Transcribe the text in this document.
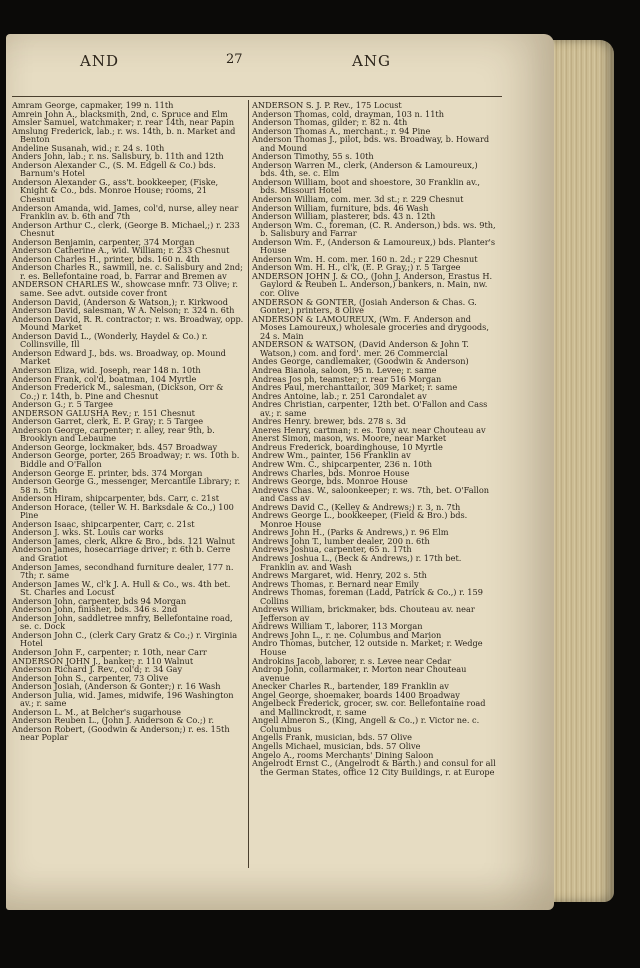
AND	27	ANG
Amram George, capmaker, 199 n. 11th
Amrein John A., blacksmith, 2nd, c. Spruce and Elm
Amsler Samuel, watchmaker; r. rear 14th, near Papin
Amslung Frederick, lab.; r. ws. 14th, b. n. Market and Benton
Andeline Susanah, wid.; r. 24 s. 10th
Anders John, lab.; r. ns. Salisbury, b. 11th and 12th
Anderson Alexander C., (S. M. Edgell & Co.) bds. Barnum's Hotel
Anderson Alexander G., ass't. bookkeeper, (Fiske, Knight & Co., bds. Monroe House; rooms, 21 Chesnut
Anderson Amanda, wid. James, col'd, nurse, alley near Franklin av. b. 6th and 7th
Anderson Arthur C., clerk, (George B. Michael,;) r. 233 Chesnut
Anderson Benjamin, carpenter, 374 Morgan
Anderson Catherine A., wid. William; r. 233 Chesnut
Anderson Charles H., printer, bds. 160 n. 4th
Anderson Charles R., sawmill, ne. c. Salisbury and 2nd; r. es. Bellefontaine road, b. Farrar and Bremen av
ANDERSON CHARLES W., showcase mnfr. 73 Olive; r. same. See advt. outside cover front
Anderson David, (Anderson & Watson,); r. Kirkwood
Anderson David, salesman, W A. Nelson; r. 324 n. 6th
Anderson David, R. R. contractor; r. ws. Broadway, opp. Mound Market
Anderson David L., (Wonderly, Haydel & Co.) r. Collinsville, Ill
Anderson Edward J., bds. ws. Broadway, op. Mound Market
Anderson Eliza, wid. Joseph, rear 148 n. 10th
Anderson Frank, col'd, boatman, 104 Myrtle
Anderson Frederick M., salesman, (Dickson, Orr & Co.;) r. 14th, b. Pine and Chesnut
Anderson G.; r. 5 Targee
ANDERSON GALUSHA Rev.; r. 151 Chesnut
Anderson Garret, clerk, E. P. Gray; r. 5 Targee
Anderson George, carpenter; r. alley, rear 9th, b. Brooklyn and Lebaume
Anderson George, lockmaker, bds. 457 Broadway
Anderson George, porter, 265 Broadway; r. ws. 10th b. Biddle and O'Fallon
Anderson George E. printer, bds. 374 Morgan
Anderson George G., messenger, Mercantile Library; r. 58 n. 5th
Anderson Hiram, shipcarpenter, bds. Carr, c. 21st
Anderson Horace, (teller W. H. Barksdale & Co.,) 100 Pine
Anderson Isaac, shipcarpenter, Carr, c. 21st
Anderson J. wks. St. Louis car works
Anderson James, clerk, Alkre & Bro., bds. 121 Walnut
Anderson James, hosecarriage driver; r. 6th b. Cerre and Gratiot
Anderson James, secondhand furniture dealer, 177 n. 7th; r. same
Anderson James W., cl'k J. A. Hull & Co., ws. 4th bet. St. Charles and Locust
Anderson John, carpenter, bds 94 Morgan
Anderson John, finisher, bds. 346 s. 2nd
Anderson John, saddletree mnfry, Bellefontaine road, se. c. Dock
Anderson John C., (clerk Cary Gratz & Co.;) r. Virginia Hotel
Anderson John F., carpenter; r. 10th, near Carr
ANDERSON JOHN J., banker; r. 110 Walnut
Anderson Richard J. Rev., col'd; r. 34 Gay
Anderson John S., carpenter, 73 Olive
Anderson Josiah, (Anderson & Gonter;) r. 16 Wash
Anderson Julia, wid. James, midwife, 196 Washington av.; r. same
Anderson L. M., at Belcher's sugarhouse
Anderson Reuben L., (John J. Anderson & Co.;) r.
Anderson Robert, (Goodwin & Anderson;) r. es. 15th near Poplar
ANDERSON S. J. P. Rev., 175 Locust
Anderson Thomas, cold, drayman, 103 n. 11th
Anderson Thomas, gilder; r. 82 n. 4th
Anderson Thomas A., merchant.; r. 94 Pine
Anderson Thomas J., pilot, bds. ws. Broadway, b. Howard and Mound
Anderson Timothy, 55 s. 10th
Anderson Warren M., clerk, (Anderson & Lamoureux,) bds. 4th, se. c. Elm
Anderson William, boot and shoestore, 30 Franklin av., bds. Missouri Hotel
Anderson William, com. mer. 3d st.; r. 229 Chesnut
Anderson William, furniture, bds. 46 Wash
Anderson William, plasterer, bds. 43 n. 12th
Anderson Wm. C., foreman, (C. R. Anderson,) bds. ws. 9th, b. Salisbury and Farrar
Anderson Wm. F., (Anderson & Lamoureux,) bds. Planter's House
Anderson Wm. H. com. mer. 160 n. 2d.; r 229 Chesnut
Anderson Wm. H. H., cl'k, (E. P. Gray,;) r. 5 Targee
ANDERSON JOHN J. & CO., (John J. Anderson, Erastus H. Gaylord & Reuben L. Anderson,) bankers, n. Main, nw. cor. Olive
ANDERSON & GONTER, (Josiah Anderson & Chas. G. Gonter,) printers, 8 Olive
ANDERSON & LAMOUREUX, (Wm. F. Anderson and Moses Lamoureux,) wholesale groceries and drygoods, 24 s. Main
ANDERSON & WATSON, (David Anderson & John T. Watson,) com. and ford'. mer. 26 Commercial
Andes George, candlemaker, (Goodwin & Anderson)
Andrea Bianola, saloon, 95 n. Levee; r. same
Andreas Jos ph, teamster; r. rear 516 Morgan
Andres Paul, merchanttailor, 309 Market; r. same
Andres Antoine, lab.; r. 251 Carondalet av
Andres Christian, carpenter, 12th bet. O'Fallon and Cass av.; r. same
Andres Henry. brewer, bds. 278 s. 3d
Aneres Henry, cartman; r. es. Tony av. near Chouteau av
Anerst Simon, mason, ws. Moore, near Market
Andreus Frederick, boardinghouse, 10 Myrtle
Andrew Wm., painter, 156 Franklin av
Andrew Wm. C., shipcarpenter, 236 n. 10th
Andrews Charles, bds. Monroe House
Andrews George, bds. Monroe House
Andrews Chas. W., saloonkeeper; r. ws. 7th, bet. O'Fallon and Cass av
Andrews David C., (Kelley & Andrews;) r. 3, n. 7th
Andrews George L., bookkeeper, (Field & Bro.) bds. Monroe House
Andrews John H., (Parks & Andrews,) r. 96 Elm
Andrews John T., lumber dealer, 200 n. 6th
Andrews Joshua, carpenter, 65 n. 17th
Andrews Joshua L., (Beck & Andrews,) r. 17th bet. Franklin av. and Wash
Andrews Margaret, wid. Henry, 202 s. 5th
Andrews Thomas, r. Bernard near Emily
Andrews Thomas, foreman (Ladd, Patrick & Co.,) r. 159 Collins
Andrews William, brickmaker, bds. Chouteau av. near Jefferson av
Andrews William T., laborer, 113 Morgan
Andrews John L., r. ne. Columbus and Marion
Andro Thomas, butcher, 12 outside n. Market; r. Wedge House
Androkins Jacob, laborer, r. s. Levee near Cedar
Androp John, collarmaker, r. Morton near Chouteau avenue
Anecker Charles R., bartender, 189 Franklin av
Angel George, shoemaker, boards 1400 Broadway
Angelbeck Frederick, grocer, sw. cor. Bellefontaine road and Mallinckrodt, r. same
Angell Almeron S., (King, Angell & Co.,) r. Victor ne. c. Columbus
Angells Frank, musician, bds. 57 Olive
Angells Michael, musician, bds. 57 Olive
Angelo A., rooms Merchants' Dining Saloon
Angelrodt Ernst C., (Angelrodt & Barth.) and consul for all the German States, office 12 City Buildings, r. at Europe
